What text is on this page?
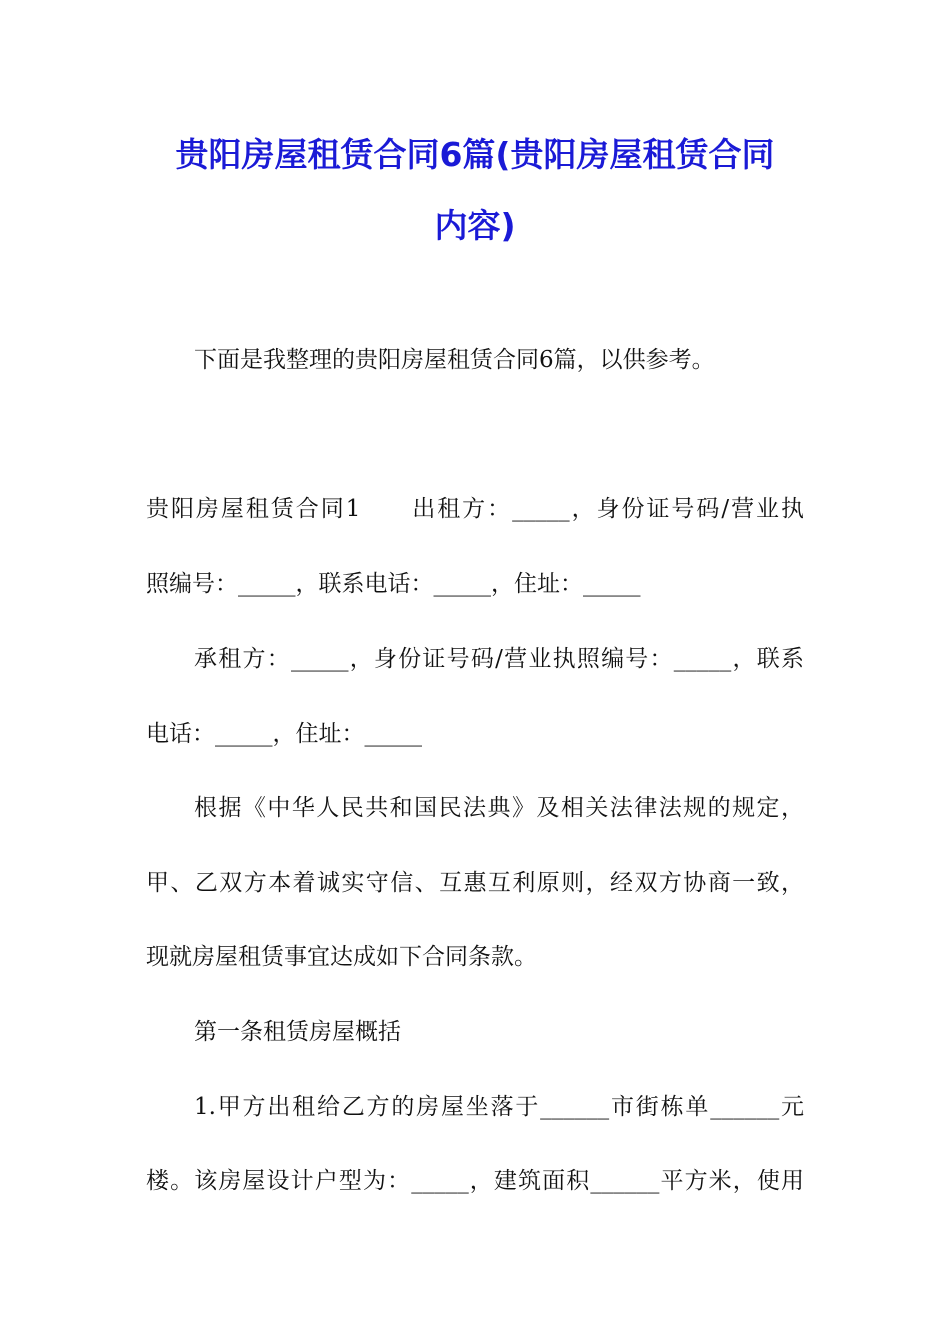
贵阳房屋租赁合同6篇(贵阳房屋租赁合同
内容)
下面是我整理的贵阳房屋租赁合同6篇，以供参考。
贵阳房屋租赁合同1　　出租方：_____，身份证号码/营业执
照编号：_____，联系电话：_____，住址：_____
承租方：_____，身份证号码/营业执照编号：_____，联系
电话：_____，住址：_____
根据《中华人民共和国民法典》及相关法律法规的规定，
甲、乙双方本着诚实守信、互惠互利原则，经双方协商一致，
现就房屋租赁事宜达成如下合同条款。
第一条租赁房屋概括
1.甲方出租给乙方的房屋坐落于______市街栋单______元
楼。该房屋设计户型为：_____，建筑面积______平方米，使用
